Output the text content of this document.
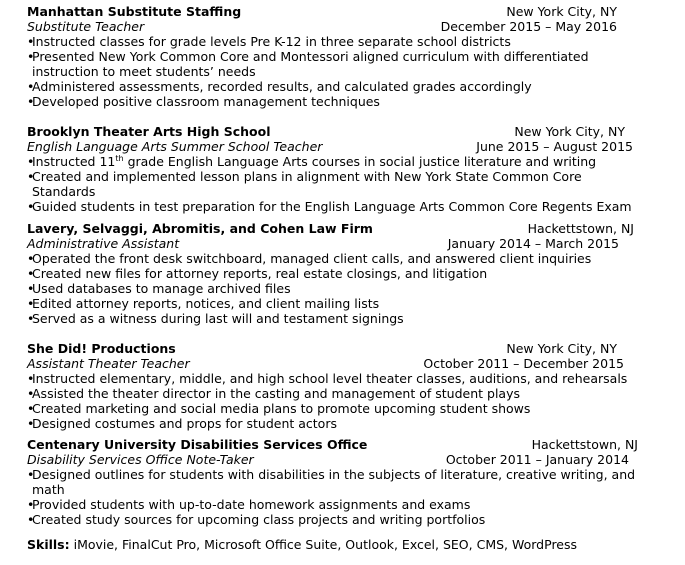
Manhattan Substitute Staffing	New York City, NY
Substitute Teacher	December 2015 – May 2016
• Instructed classes for grade levels Pre K-12 in three separate school districts
• Presented New York Common Core and Montessori aligned curriculum with differentiated instruction to meet students’ needs
• Administered assessments, recorded results, and calculated grades accordingly
• Developed positive classroom management techniques
Brooklyn Theater Arts High School	New York City, NY
English Language Arts Summer School Teacher	June 2015 – August 2015
• Instructed 11th grade English Language Arts courses in social justice literature and writing
• Created and implemented lesson plans in alignment with New York State Common Core Standards
• Guided students in test preparation for the English Language Arts Common Core Regents Exam
Lavery, Selvaggi, Abromitis, and Cohen Law Firm	Hackettstown, NJ
Administrative Assistant	January 2014 – March 2015
• Operated the front desk switchboard, managed client calls, and answered client inquiries
• Created new files for attorney reports, real estate closings, and litigation
• Used databases to manage archived files
• Edited attorney reports, notices, and client mailing lists
• Served as a witness during last will and testament signings
She Did! Productions	New York City, NY
Assistant Theater Teacher	October 2011 – December 2015
• Instructed elementary, middle, and high school level theater classes, auditions, and rehearsals
• Assisted the theater director in the casting and management of student plays
• Created marketing and social media plans to promote upcoming student shows
• Designed costumes and props for student actors
Centenary University Disabilities Services Office	Hackettstown, NJ
Disability Services Office Note-Taker	October 2011 – January 2014
• Designed outlines for students with disabilities in the subjects of literature, creative writing, and math
• Provided students with up-to-date homework assignments and exams
• Created study sources for upcoming class projects and writing portfolios
Skills: iMovie, FinalCut Pro, Microsoft Office Suite, Outlook, Excel, SEO, CMS, WordPress
